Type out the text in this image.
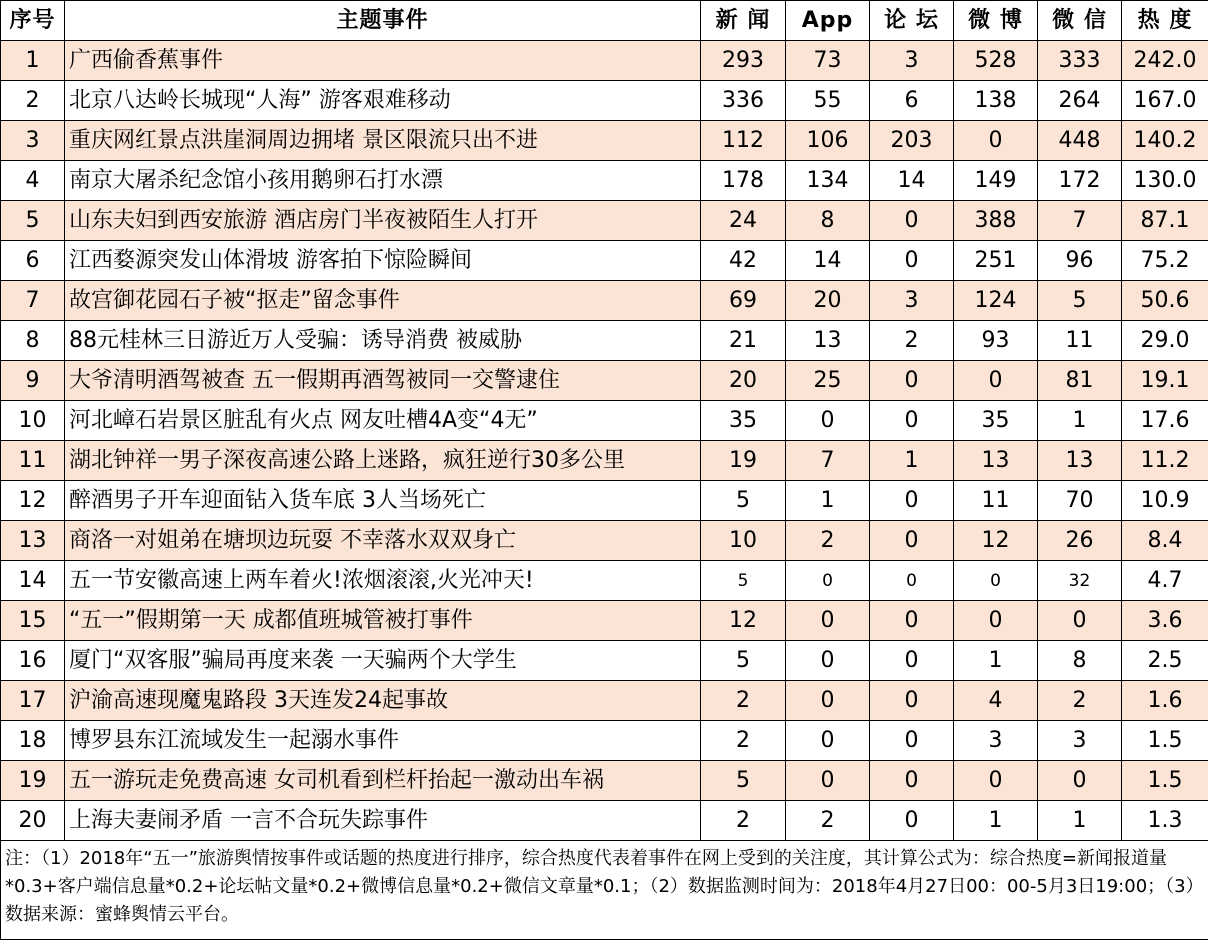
序号	主题事件	新 闻	App	论 坛	微 博	微 信	热 度
1	广西偷香蕉事件	293	73	3	528	333	242.0
2	北京八达岭长城现“人海” 游客艰难移动	336	55	6	138	264	167.0
3	重庆网红景点洪崖洞周边拥堵 景区限流只出不进	112	106	203	0	448	140.2
4	南京大屠杀纪念馆小孩用鹅卵石打水漂	178	134	14	149	172	130.0
5	山东夫妇到西安旅游 酒店房门半夜被陌生人打开	24	8	0	388	7	87.1
6	江西婺源突发山体滑坡 游客拍下惊险瞬间	42	14	0	251	96	75.2
7	故宫御花园石子被“抠走”留念事件	69	20	3	124	5	50.6
8	88元桂林三日游近万人受骗：诱导消费 被威胁	21	13	2	93	11	29.0
9	大爷清明酒驾被查 五一假期再酒驾被同一交警逮住	20	25	0	0	81	19.1
10	河北嶂石岩景区脏乱有火点 网友吐槽4A变“4无”	35	0	0	35	1	17.6
11	湖北钟祥一男子深夜高速公路上迷路，疯狂逆行30多公里	19	7	1	13	13	11.2
12	醉酒男子开车迎面钻入货车底 3人当场死亡	5	1	0	11	70	10.9
13	商洛一对姐弟在塘坝边玩耍 不幸落水双双身亡	10	2	0	12	26	8.4
14	五一节安徽高速上两车着火!浓烟滚滚,火光冲天!	5	0	0	0	32	4.7
15	“五一”假期第一天 成都值班城管被打事件	12	0	0	0	0	3.6
16	厦门“双客服”骗局再度来袭 一天骗两个大学生	5	0	0	1	8	2.5
17	沪渝高速现魔鬼路段 3天连发24起事故	2	0	0	4	2	1.6
18	博罗县东江流域发生一起溺水事件	2	0	0	3	3	1.5
19	五一游玩走免费高速 女司机看到栏杆抬起一激动出车祸	5	0	0	0	0	1.5
20	上海夫妻闹矛盾 一言不合玩失踪事件	2	2	0	1	1	1.3
注：（1）2018年“五一”旅游舆情按事件或话题的热度进行排序，综合热度代表着事件在网上受到的关注度，其计算公式为：综合热度=新闻报道量*0.3+客户端信息量*0.2+论坛帖文量*0.2+微博信息量*0.2+微信文章量*0.1；（2）数据监测时间为：2018年4月27日00：00-5月3日19:00；（3）数据来源：蜜蜂舆情云平台。							
